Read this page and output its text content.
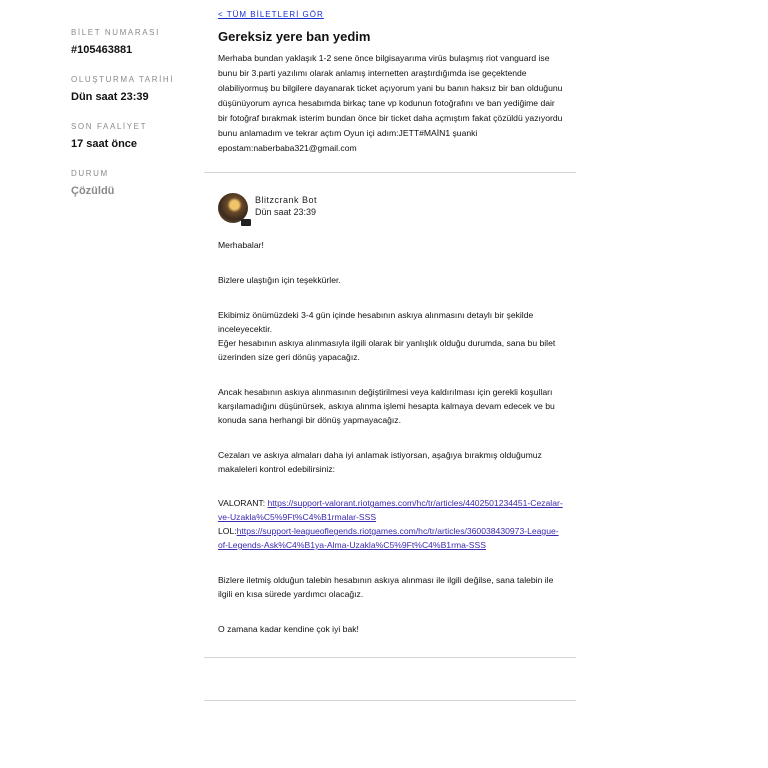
BİLET NUMARASI

#105463881

OLUŞTURMA TARİHİ

Dün saat 23:39

SON FAALİYET

17 saat önce

DURUM

Çözüldü

< TÜM BİLETLERİ GÖR
Gereksiz yere ban yedim

Merhaba bundan yaklaşık 1-2 sene önce bilgisayarıma virüs bulaşmış riot vanguard ise bunu bir 3.parti yazılımı olarak anlamış internetten araştırdığımda ise geçektende olabiliyormuş bu bilgilere dayanarak ticket açıyorum yani bu banın haksız bir ban olduğunu düşünüyorum ayrıca hesabımda birkaç tane vp kodunun fotoğrafını ve ban yediğime dair bir fotoğraf bırakmak isterim bundan önce bir ticket daha açmıştım fakat çözüldü yazıyordu bunu anlamadım ve tekrar açtım Oyun içi adım:JETT#MAİN1 şuanki epostam:naberbaba321@gmail.com

Blitzcrank Bot
Dün saat 23:39

Merhabalar!

Bizlere ulaştığın için teşekkürler.

Ekibimiz önümüzdeki 3-4 gün içinde hesabının askıya alınmasını detaylı bir şekilde inceleyecektir.

Eğer hesabının askıya alınmasıyla ilgili olarak bir yanlışlık olduğu durumda, sana bu bilet üzerinden size geri dönüş yapacağız.

Ancak hesabının askıya alınmasının değiştirilmesi veya kaldırılması için gerekli koşulları karşılamadığını düşünürsek, askıya alınma işlemi hesapta kalmaya devam edecek ve bu konuda sana herhangi bir dönüş yapmayacağız.

Cezaları ve askıya almaları daha iyi anlamak istiyorsan, aşağıya bırakmış olduğumuz makaleleri kontrol edebilirsiniz:

VALORANT: https://support-valorant.riotgames.com/hc/tr/articles/4402501234451-Cezalar-ve-Uzakla%C5%9Ft%C4%B1rmalar-SSS

LOL:https://support-leagueoflegends.riotgames.com/hc/tr/articles/360038430973-League-of-Legends-Ask%C4%B1ya-Alma-Uzakla%C5%9Ft%C4%B1rma-SSS

Bizlere iletmiş olduğun talebin hesabının askıya alınması ile ilgili değilse, sana talebin ile ilgili en kısa sürede yardımcı olacağız.

O zamana kadar kendine çok iyi bak!
